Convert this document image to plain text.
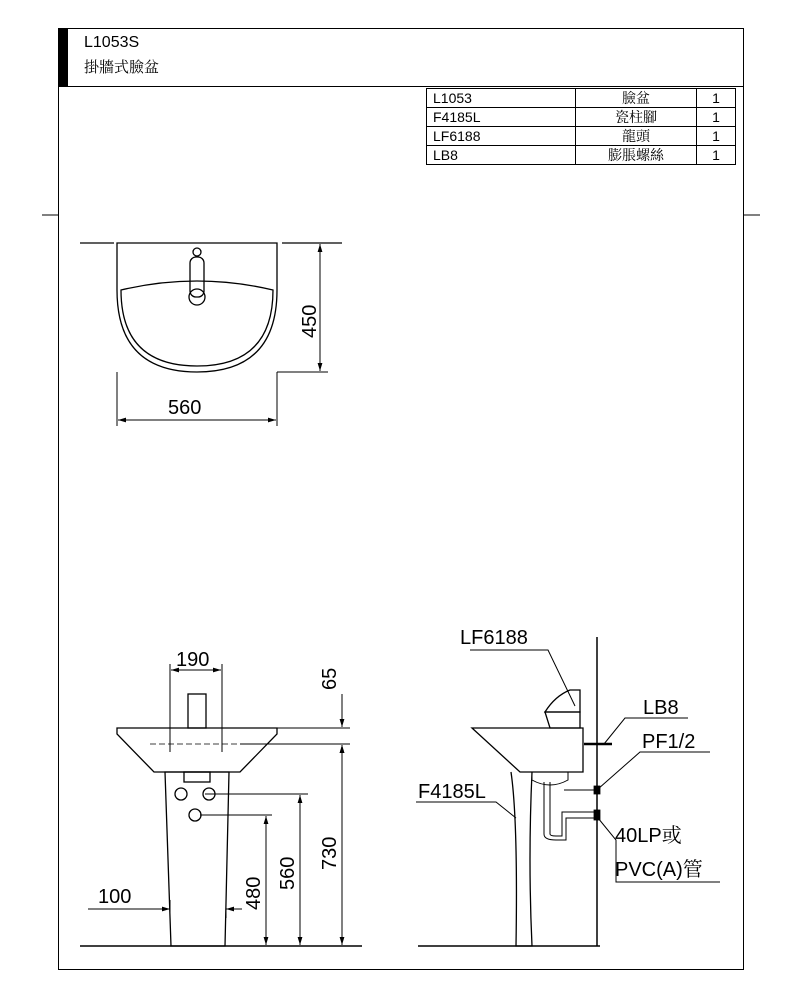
L1053S
掛牆式臉盆
L1053	臉盆	1
F4185L	瓷柱腳	1
LF6188	龍頭	1
LB8	膨脹螺絲	1
560
450
190
65
100	480
560
730
LF6188
LB8
PF1/2
F4185L
40LP或
PVC(A)管
